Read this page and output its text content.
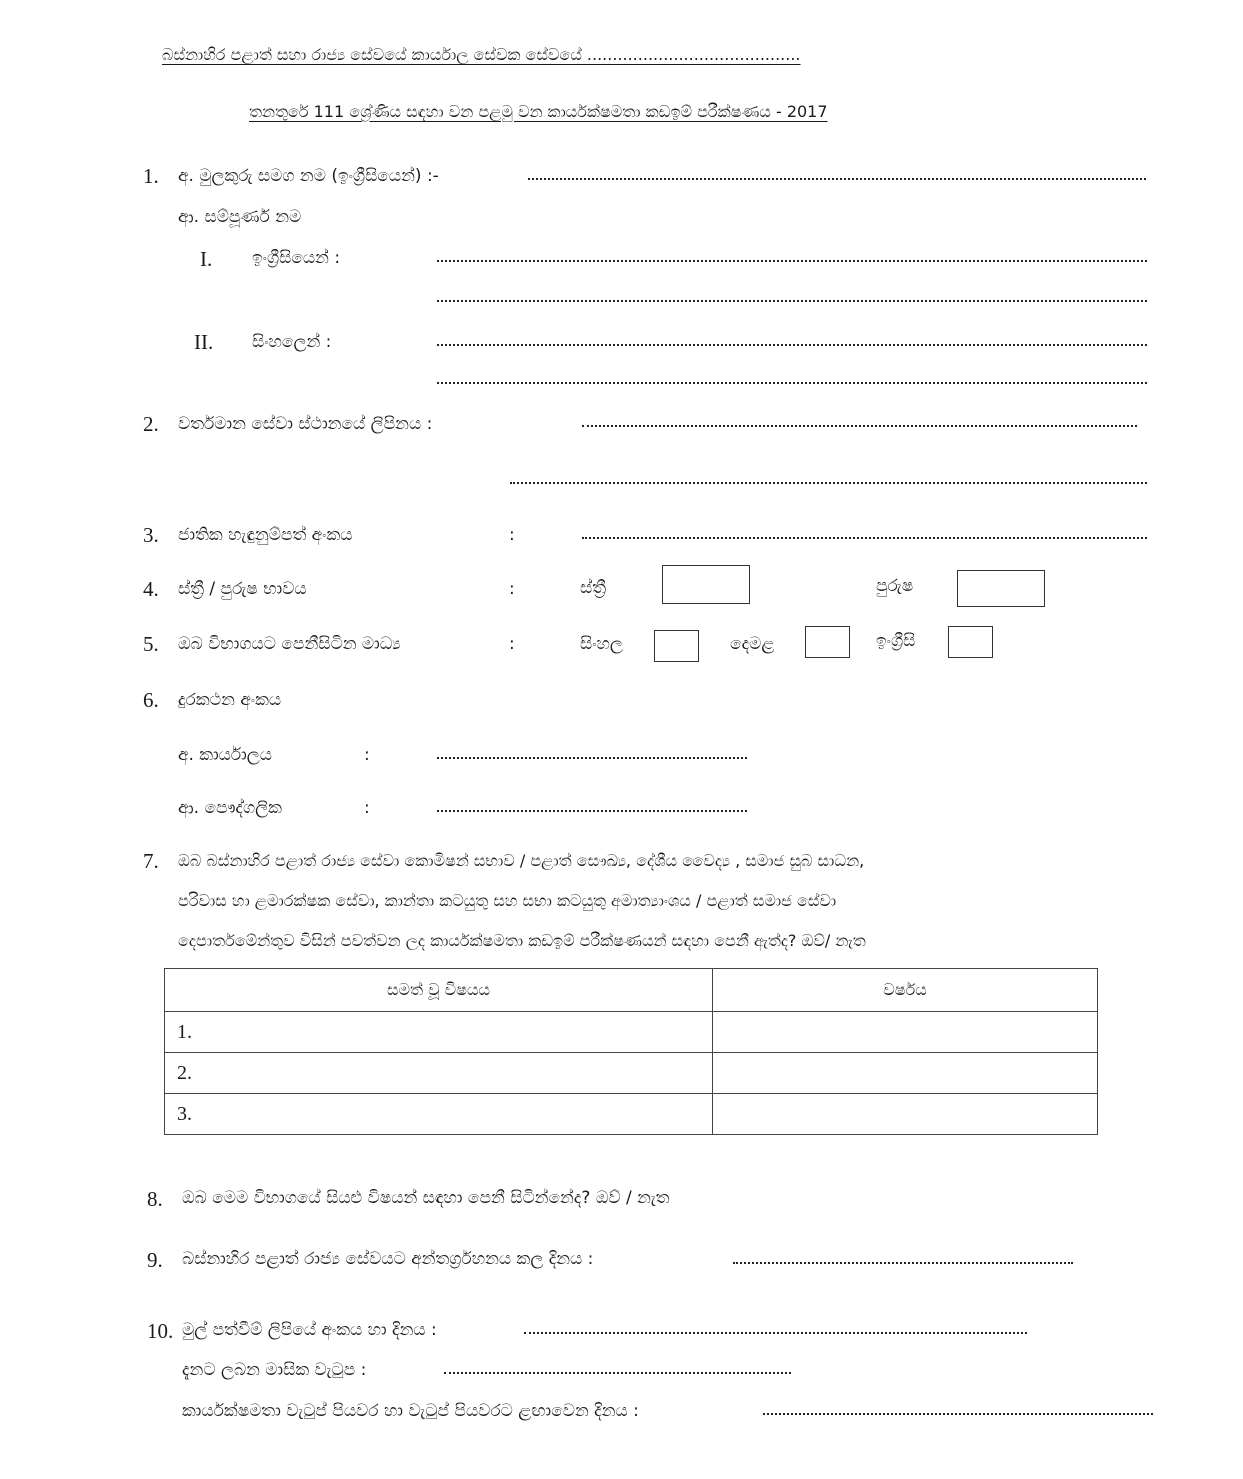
බස්නාහිර පළාත් සහා රාජ්‍ය සේවයේ කාර්යාල සේවක සේවයේ ..........................................
තනතුරේ 111 ශ්‍රේණිය සඳහා වන පළමු වන කාර්යක්ෂමතා කඩඉම් පරීක්ෂණය - 2017
1. අ. මුලකුරු සමග නම (ඉංග්‍රීසියෙන්) :-
ආ. සම්පූර්ණ නම
I. ඉංග්‍රීසියෙන් :
II. සිංහලෙන් :
2. වර්තමාන සේවා ස්ථානයේ ලිපිනය :
3. ජාතික හැඳුනුම්පත් අංකය	:
4. ස්ත්‍රී / පුරුෂ භාවය	:	ස්ත්‍රී	පුරුෂ
5. ඔබ විභාගයට පෙනීසිටින මාධ්‍ය	:	සිංහල	දෙමළ	ඉංග්‍රීසි
6. දුරකථන අංකය
අ. කාර්යාලය	:
ආ. පෞද්ගලික	:
7. ඔබ බස්නාහිර පළාත් රාජ්‍ය සේවා කොමිෂන් සභාව / පළාත් සෞඛ්‍ය, දේශීය වෛද්‍ය , සමාජ සුබ සාධන,
පරිවාස හා ළමාරක්ෂක සේවා, කාන්තා කටයුතු සහ සභා කටයුතු අමාත්‍යාංශය / පළාත් සමාජ සේවා
දෙපාර්තමේන්තුව විසින් පවත්වන ලද කාර්යක්ෂමතා කඩඉම් පරීක්ෂණයන් සඳහා පෙනී ඇත්ද? ඔව්/ නැත
සමත් වූ විෂයය	වර්ෂය
1.	
2.	
3.	
8. ඔබ මෙම විභාගයේ සියළු විෂයන් සඳහා පෙනී සිටින්නේද? ඔව් / නැත
9. බස්නාහිර පළාත් රාජ්‍ය සේවයට අන්තර්ග්‍රහනය කල දිනය :
10. මුල් පත්වීම් ලිපියේ අංකය හා දිනය :
දැනට ලබන මාසික වැටුප :
කාර්යක්ෂමතා වැටුප් පියවර හා වැටුප් පියවරට ළඟාවෙන දිනය :
